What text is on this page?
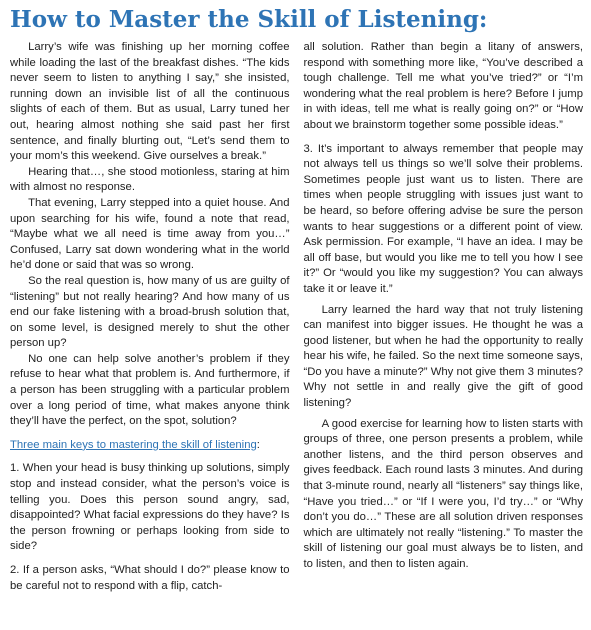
How to Master the Skill of Listening:

Larry’s wife was finishing up her morning coffee while loading the last of the breakfast dishes. “The kids never seem to listen to anything I say,” she insisted, running down an invisible list of all the continuous slights of each of them. But as usual, Larry tuned her out, hearing almost nothing she said past her first sentence, and finally blurting out, “Let’s send them to your mom’s this weekend. Give ourselves a break.”

Hearing that…, she stood motionless, staring at him with almost no response.

That evening, Larry stepped into a quiet house. And upon searching for his wife, found a note that read, “Maybe what we all need is time away from you…” Confused, Larry sat down wondering what in the world he’d done or said that was so wrong.

So the real question is, how many of us are guilty of “listening” but not really hearing? And how many of us end our fake listening with a broad-brush solution that, on some level, is designed merely to shut the other person up?

No one can help solve another’s problem if they refuse to hear what that problem is. And furthermore, if a person has been struggling with a particular problem over a long period of time, what makes anyone think they’ll have the perfect, on the spot, solution?

Three main keys to mastering the skill of listening:

1. When your head is busy thinking up solutions, simply stop and instead consider, what the person’s voice is telling you. Does this person sound angry, sad, disappointed? What facial expressions do they have? Is the person frowning or perhaps looking from side to side?

2. If a person asks, “What should I do?” please know to be careful not to respond with a flip, catch-

all solution. Rather than begin a litany of answers, respond with something more like, “You’ve described a tough challenge. Tell me what you’ve tried?” or “I’m wondering what the real problem is here? Before I jump in with ideas, tell me what is really going on?” or “How about we brainstorm together some possible ideas.”

3. It’s important to always remember that people may not always tell us things so we’ll solve their problems. Sometimes people just want us to listen. There are times when people struggling with issues just want to be heard, so before offering advise be sure the person wants to hear suggestions or a different point of view. Ask permission. For example, “I have an idea. I may be all off base, but would you like me to tell you how I see it?” Or “would you like my suggestion? You can always take it or leave it.”

Larry learned the hard way that not truly listening can manifest into bigger issues. He thought he was a good listener, but when he had the opportunity to really hear his wife, he failed. So the next time someone says, “Do you have a minute?” Why not give them 3 minutes? Why not settle in and really give the gift of good listening?

A good exercise for learning how to listen starts with groups of three, one person presents a problem, while another listens, and the third person observes and gives feedback. Each round lasts 3 minutes. And during that 3-minute round, nearly all “listeners” say things like, “Have you tried…” or “If I were you, I’d try…” or “Why don’t you do…” These are all solution driven responses which are ultimately not really “listening.” To master the skill of listening our goal must always be to listen, and to listen, and then to listen again.
